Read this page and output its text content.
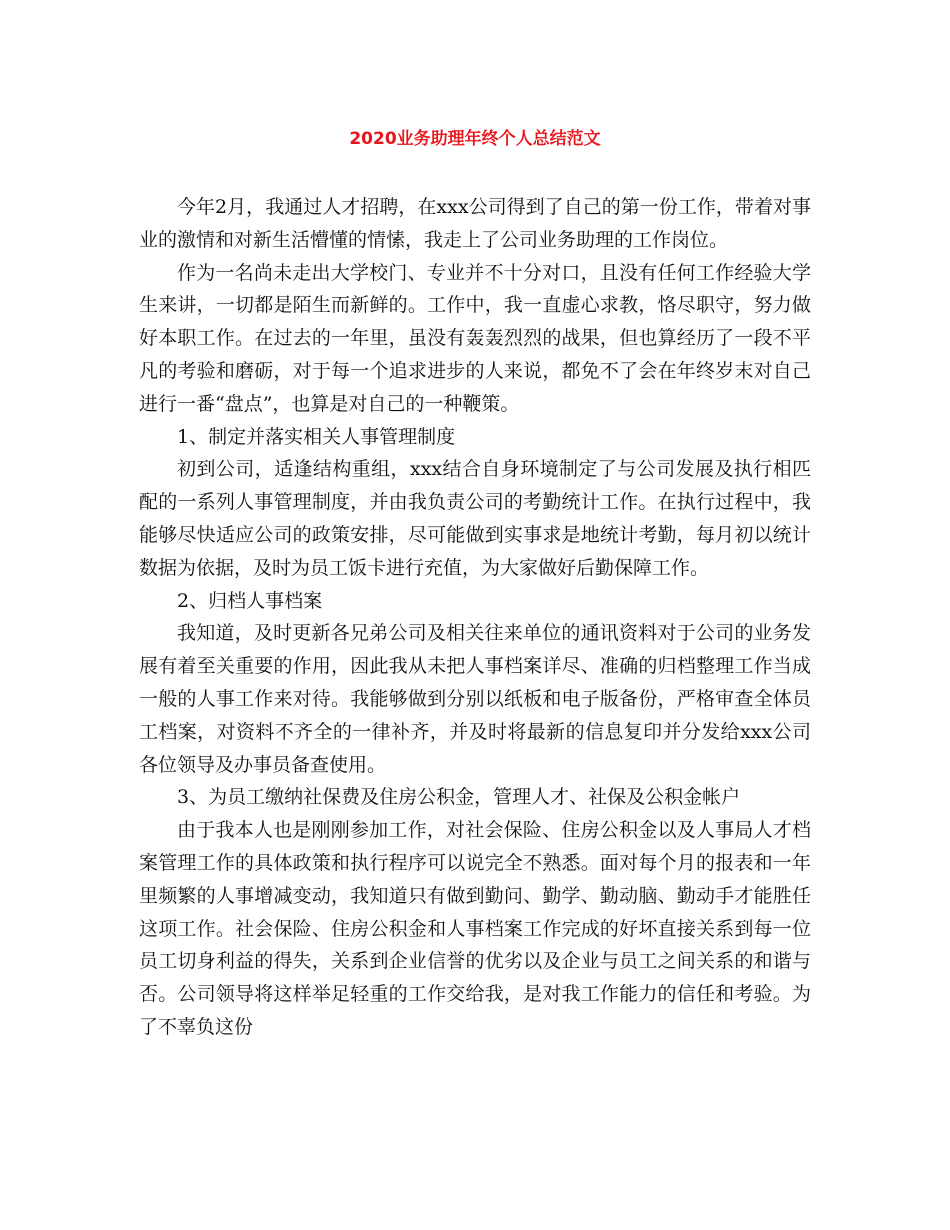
2020业务助理年终个人总结范文

今年2月，我通过人才招聘，在xxx公司得到了自己的第一份工作，带着对事业的激情和对新生活懵懂的情愫，我走上了公司业务助理的工作岗位。

作为一名尚未走出大学校门、专业并不十分对口，且没有任何工作经验大学生来讲，一切都是陌生而新鲜的。工作中，我一直虚心求教，恪尽职守，努力做好本职工作。在过去的一年里，虽没有轰轰烈烈的战果，但也算经历了一段不平凡的考验和磨砺，对于每一个追求进步的人来说，都免不了会在年终岁末对自己进行一番“盘点”，也算是对自己的一种鞭策。

1、制定并落实相关人事管理制度

初到公司，适逢结构重组，xxx结合自身环境制定了与公司发展及执行相匹配的一系列人事管理制度，并由我负责公司的考勤统计工作。在执行过程中，我能够尽快适应公司的政策安排，尽可能做到实事求是地统计考勤，每月初以统计数据为依据，及时为员工饭卡进行充值，为大家做好后勤保障工作。

2、归档人事档案

我知道，及时更新各兄弟公司及相关往来单位的通讯资料对于公司的业务发展有着至关重要的作用，因此我从未把人事档案详尽、准确的归档整理工作当成一般的人事工作来对待。我能够做到分别以纸板和电子版备份，严格审查全体员工档案，对资料不齐全的一律补齐，并及时将最新的信息复印并分发给xxx公司各位领导及办事员备查使用。

3、为员工缴纳社保费及住房公积金，管理人才、社保及公积金帐户

由于我本人也是刚刚参加工作，对社会保险、住房公积金以及人事局人才档案管理工作的具体政策和执行程序可以说完全不熟悉。面对每个月的报表和一年里频繁的人事增减变动，我知道只有做到勤问、勤学、勤动脑、勤动手才能胜任这项工作。社会保险、住房公积金和人事档案工作完成的好坏直接关系到每一位员工切身利益的得失，关系到企业信誉的优劣以及企业与员工之间关系的和谐与否。公司领导将这样举足轻重的工作交给我，是对我工作能力的信任和考验。为了不辜负这份
